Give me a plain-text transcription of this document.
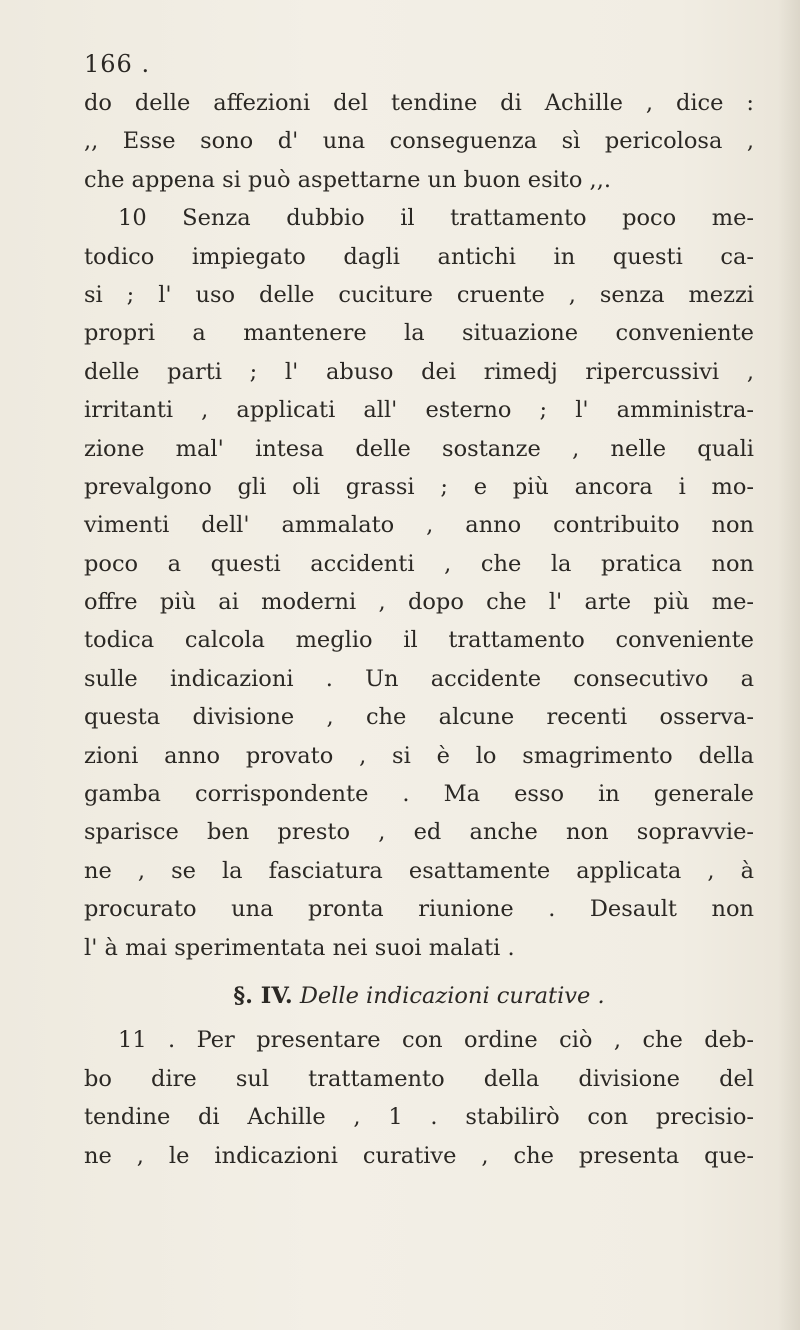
166 .
do delle affezioni del tendine di Achille , dice :
,, Esse sono d' una conseguenza sì pericolosa ,
che appena si può aspettarne un buon esito ,,.
10 Senza dubbio il trattamento poco me-
todico impiegato dagli antichi in questi ca-
si ; l' uso delle cuciture cruente , senza mezzi
propri a mantenere la situazione conveniente
delle parti ; l' abuso dei rimedj ripercussivi ,
irritanti , applicati all' esterno ; l' amministra-
zione mal' intesa delle sostanze , nelle quali
prevalgono gli oli grassi ; e più ancora i mo-
vimenti dell' ammalato , anno contribuito non
poco a questi accidenti , che la pratica non
offre più ai moderni , dopo che l' arte più me-
todica calcola meglio il trattamento conveniente
sulle indicazioni . Un accidente consecutivo a
questa divisione , che alcune recenti osserva-
zioni anno provato , si è lo smagrimento della
gamba corrispondente . Ma esso in generale
sparisce ben presto , ed anche non sopravvie-
ne , se la fasciatura esattamente applicata , à
procurato una pronta riunione . Desault non
l' à mai sperimentata nei suoi malati .
§. IV. Delle indicazioni curative .
11 . Per presentare con ordine ciò , che deb-
bo dire sul trattamento della divisione del
tendine di Achille , 1 . stabilirò con precisio-
ne , le indicazioni curative , che presenta que-
